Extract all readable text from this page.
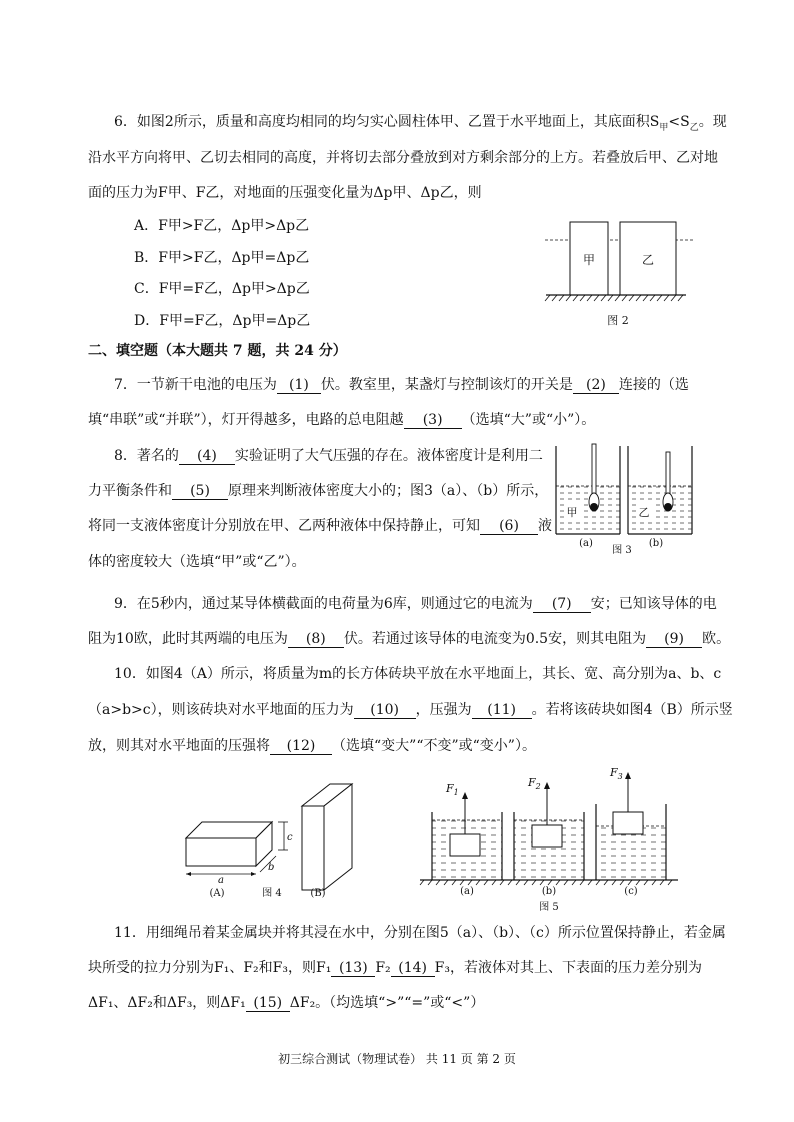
6．如图2所示，质量和高度均相同的均匀实心圆柱体甲、乙置于水平地面上，其底面积$S_甲<S_乙$。现
沿水平方向将甲、乙切去相同的高度，并将切去部分叠放到对方剩余部分的上方。若叠放后甲、乙对地
面的压力为F甲、F乙，对地面的压强变化量为Δp甲、Δp乙，则
A．F甲>F乙，Δp甲>Δp乙
B．F甲>F乙，Δp甲=Δp乙
C．F甲=F乙，Δp甲>Δp乙
D．F甲=F乙，Δp甲=Δp乙
甲	乙
图 2
二、填空题（本大题共 7 题，共 24 分）
7．一节新干电池的电压为 (1) 伏。教室里，某盏灯与控制该灯的开关是 (2) 连接的（选
填“串联”或“并联”），灯开得越多，电路的总电阻越 (3) （选填“大”或“小”）。
8．著名的 (4) 实验证明了大气压强的存在。液体密度计是利用二
力平衡条件和 (5) 原理来判断液体密度大小的；图3（a）、（b）所示，
将同一支液体密度计分别放在甲、乙两种液体中保持静止，可知 (6) 液
体的密度较大（选填“甲”或“乙”）。
甲	乙
(a)	(b)
图 3
9．在5秒内，通过某导体横截面的电荷量为6库，则通过它的电流为 (7) 安；已知该导体的电
阻为10欧，此时其两端的电压为 (8) 伏。若通过该导体的电流变为0.5安，则其电阻为 (9) 欧。
10．如图4（A）所示，将质量为m的长方体砖块平放在水平地面上，其长、宽、高分别为a、b、c
（a>b>c），则该砖块对水平地面的压力为 (10) ，压强为 (11) 。若将该砖块如图4（B）所示竖
放，则其对水平地面的压强将 (12) （选填“变大”“不变”或“变小”）。
c
b
a
(A)	图 4	(B)
$F_1$
$F_2$
$F_3$
(a)	(b)	(c)
图 5
11．用细绳吊着某金属块并将其浸在水中，分别在图5（a）、（b）、（c）所示位置保持静止，若金属
块所受的拉力分别为F₁、F₂和F₃，则F₁ (13) F₂ (14) F₃，若液体对其上、下表面的压力差分别为
ΔF₁、ΔF₂和ΔF₃，则ΔF₁ (15) ΔF₂。（均选填“>”“=”或“<”）
初三综合测试（物理试卷） 共 11 页 第 2 页
